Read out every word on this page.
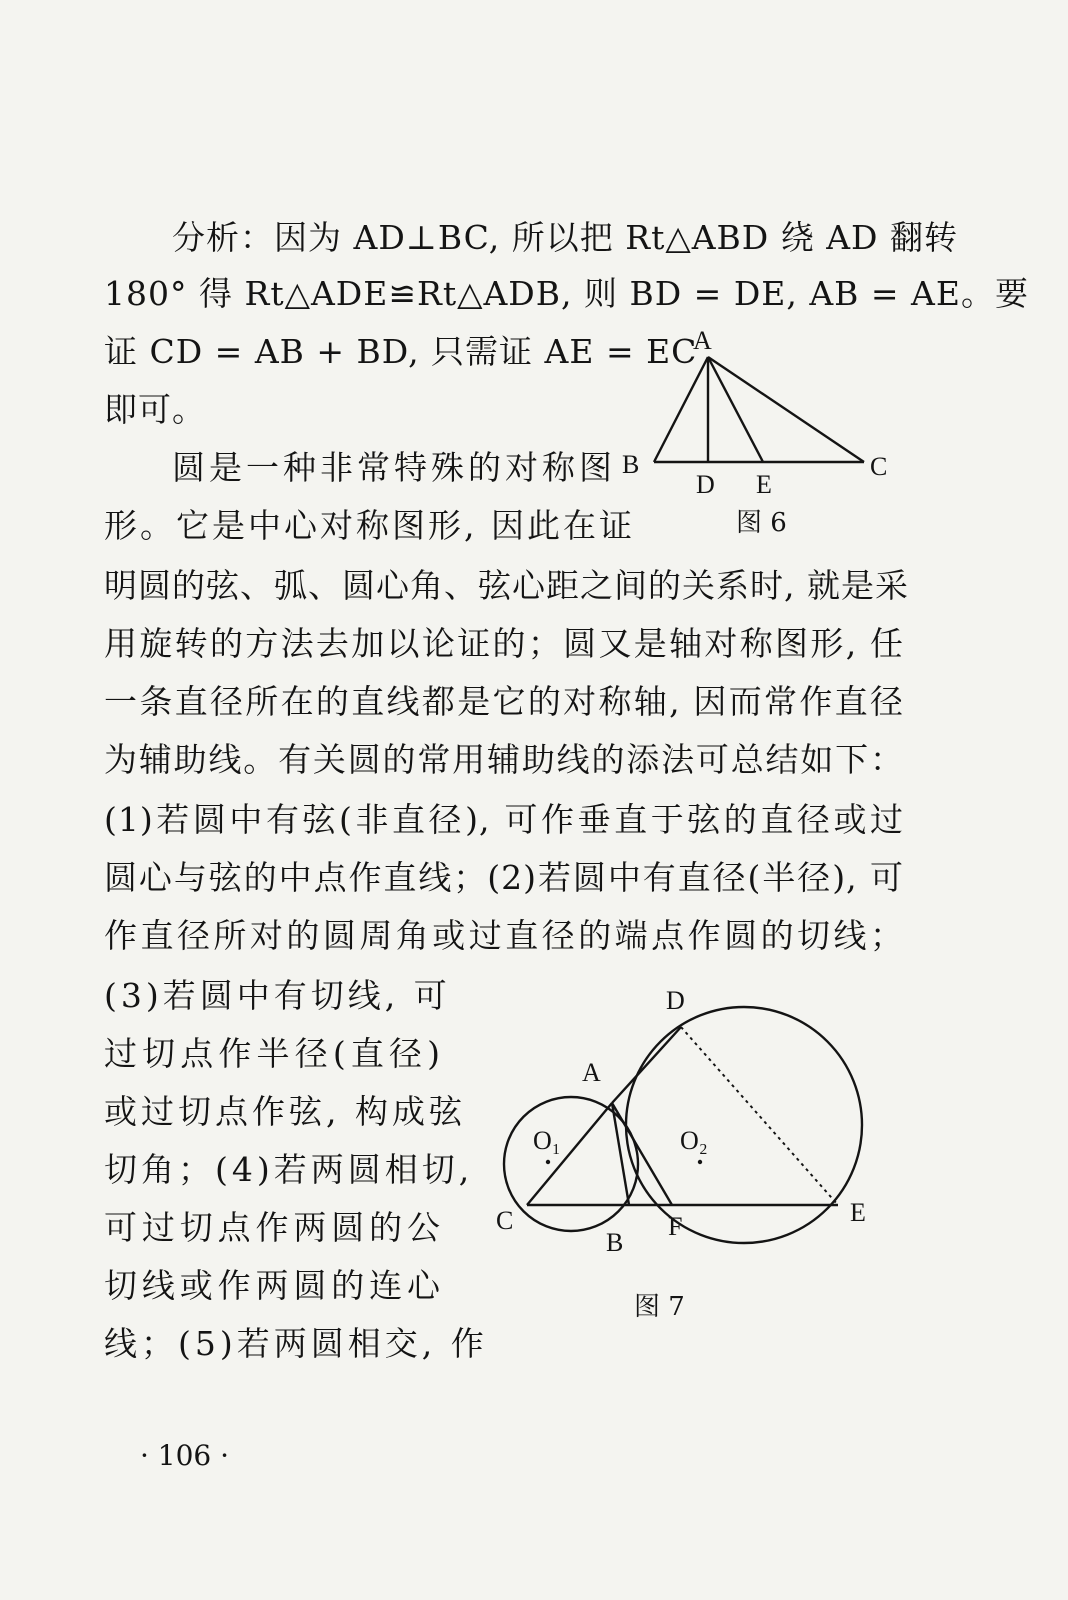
分析：因为 AD⊥BC, 所以把 Rt△ABD 绕 AD 翻转
180° 得 Rt△ADE≌Rt△ADB, 则 BD = DE, AB = AE。要
证 CD = AB + BD, 只需证 AE = EC
即可。
圆是一种非常特殊的对称图
形。它是中心对称图形, 因此在证
明圆的弦、弧、圆心角、弦心距之间的关系时, 就是采
用旋转的方法去加以论证的；圆又是轴对称图形, 任
一条直径所在的直线都是它的对称轴, 因而常作直径
为辅助线。有关圆的常用辅助线的添法可总结如下：
(1)若圆中有弦(非直径), 可作垂直于弦的直径或过
圆心与弦的中点作直线；(2)若圆中有直径(半径), 可
作直径所对的圆周角或过直径的端点作圆的切线；
(3)若圆中有切线, 可
过切点作半径(直径)
或过切点作弦, 构成弦
切角；(4)若两圆相切,
可过切点作两圆的公
切线或作两圆的连心
线；(5)若两圆相交, 作
A
B	C
D E
图 6
D
A
O₁	O₂
C
B
F	E
图 7
· 106 ·
